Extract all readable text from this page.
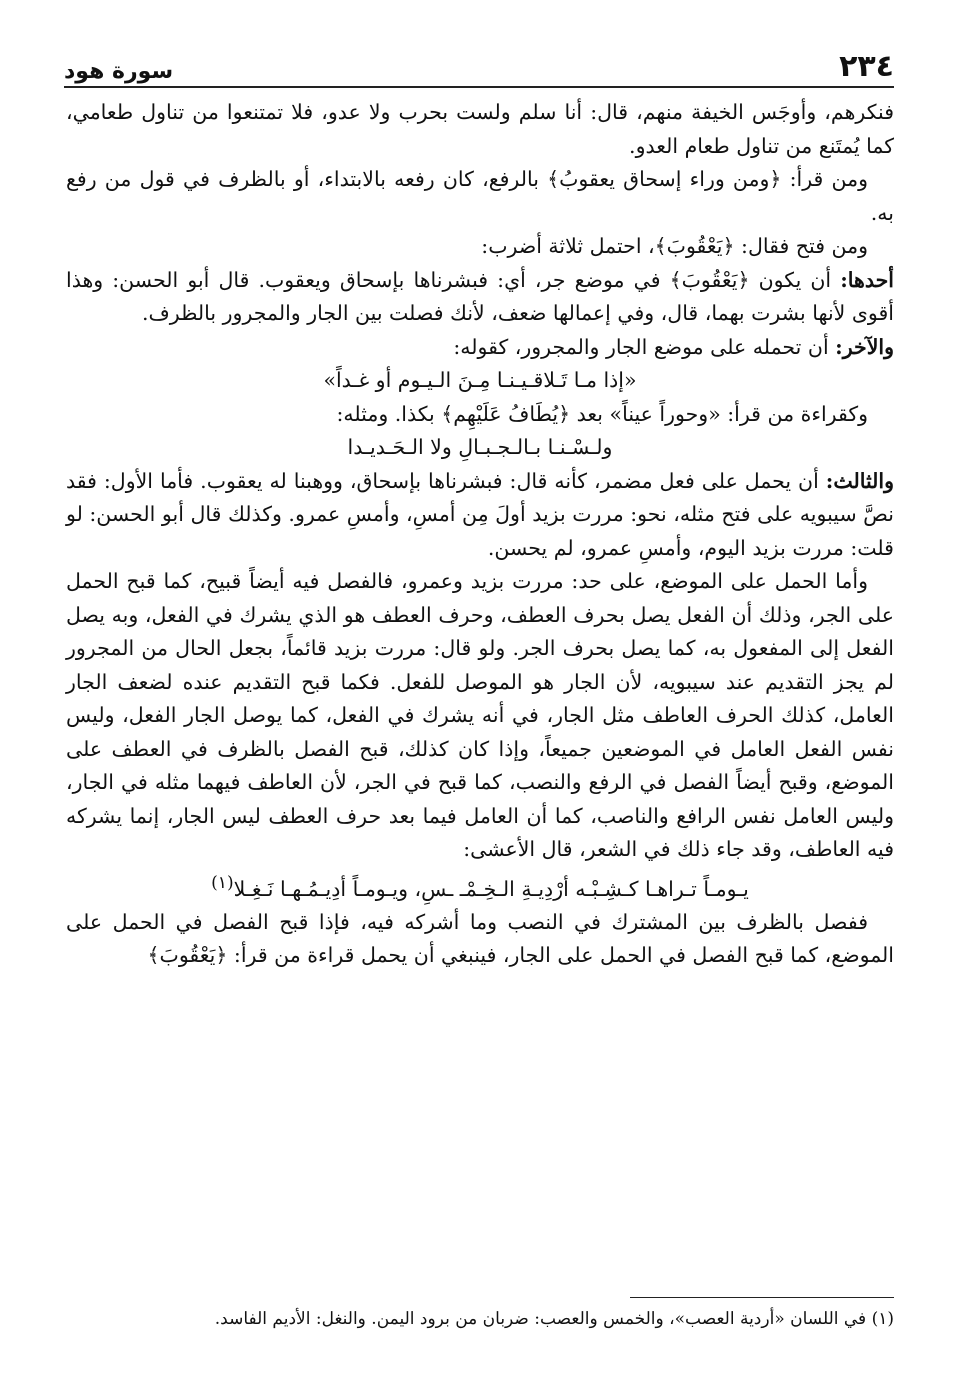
سورة هود	٢٣٤

فنكرهم، وأوجَس الخيفة منهم، قال: أنا سلم ولست بحرب ولا عدو، فلا تمتنعوا من تناول طعامي، كما يُمتَنع من تناول طعام العدو.

ومن قرأ: ﴿ومن وراء إسحاق يعقوبُ﴾ بالرفع، كان رفعه بالابتداء، أو بالظرف في قول من رفع به.

ومن فتح فقال: ﴿يَعْقُوبَ﴾، احتمل ثلاثة أضرب:

أحدها: أن يكون ﴿يَعْقُوبَ﴾ في موضع جر، أي: فبشرناها بإسحاق ويعقوب. قال أبو الحسن: وهذا أقوى لأنها بشرت بهما، قال، وفي إعمالها ضعف، لأنك فصلت بين الجار والمجرور بالظرف.

والآخر: أن تحمله على موضع الجار والمجرور، كقوله:

«إذا مـا تَـلاقـيـنـا مِـنَ الـيـوم أو غـداً»

وكقراءة من قرأ: «وحوراً عيناً» بعد ﴿يُطَافُ عَلَيْهِم﴾ بكذا. ومثله:

ولـسْـنـا بـالـجـبـالِ ولا الـحَـديـدا

والثالث: أن يحمل على فعل مضمر، كأنه قال: فبشرناها بإسحاق، ووهبنا له يعقوب. فأما الأول: فقد نصَّ سيبويه على فتح مثله، نحو: مررت بزيد أولَ مِن أمسِ، وأمسِ عمرو. وكذلك قال أبو الحسن: لو قلت: مررت بزيد اليوم، وأمسِ عمرو، لم يحسن.

وأما الحمل على الموضع، على حد: مررت بزيد وعمرو، فالفصل فيه أيضاً قبيح، كما قبح الحمل على الجر، وذلك أن الفعل يصل بحرف العطف، وحرف العطف هو الذي يشرك في الفعل، وبه يصل الفعل إلى المفعول به، كما يصل بحرف الجر. ولو قال: مررت بزيد قائماً، بجعل الحال من المجرور لم يجز التقديم عند سيبويه، لأن الجار هو الموصل للفعل. فكما قبح التقديم عنده لضعف الجار العامل، كذلك الحرف العاطف مثل الجار، في أنه يشرك في الفعل، كما يوصل الجار الفعل، وليس نفس الفعل العامل في الموضعين جميعاً، وإذا كان كذلك، قبح الفصل بالظرف في العطف على الموضع، وقبح أيضاً الفصل في الرفع والنصب، كما قبح في الجر، لأن العاطف فيهما مثله في الجار، وليس العامل نفس الرافع والناصب، كما أن العامل فيما بعد حرف العطف ليس الجار، إنما يشركه فيه العاطف، وقد جاء ذلك في الشعر، قال الأعشى:

يـومـاً تـراهـا كـشِـبْـه أرْدِيـةِ الـخِـمْـ ـسِ، ويـومـاً أدِيـمُـهـا نَـغِـلا$^{(١)}$

ففصل بالظرف بين المشترك في النصب وما أشركه فيه، فإذا قبح الفصل في الحمل على الموضع، كما قبح الفصل في الحمل على الجار، فينبغي أن يحمل قراءة من قرأ: ﴿يَعْقُوبَ﴾

(١) في اللسان «أردية العصب»، والخمس والعصب: ضربان من برود اليمن. والنغل: الأديم الفاسد.
